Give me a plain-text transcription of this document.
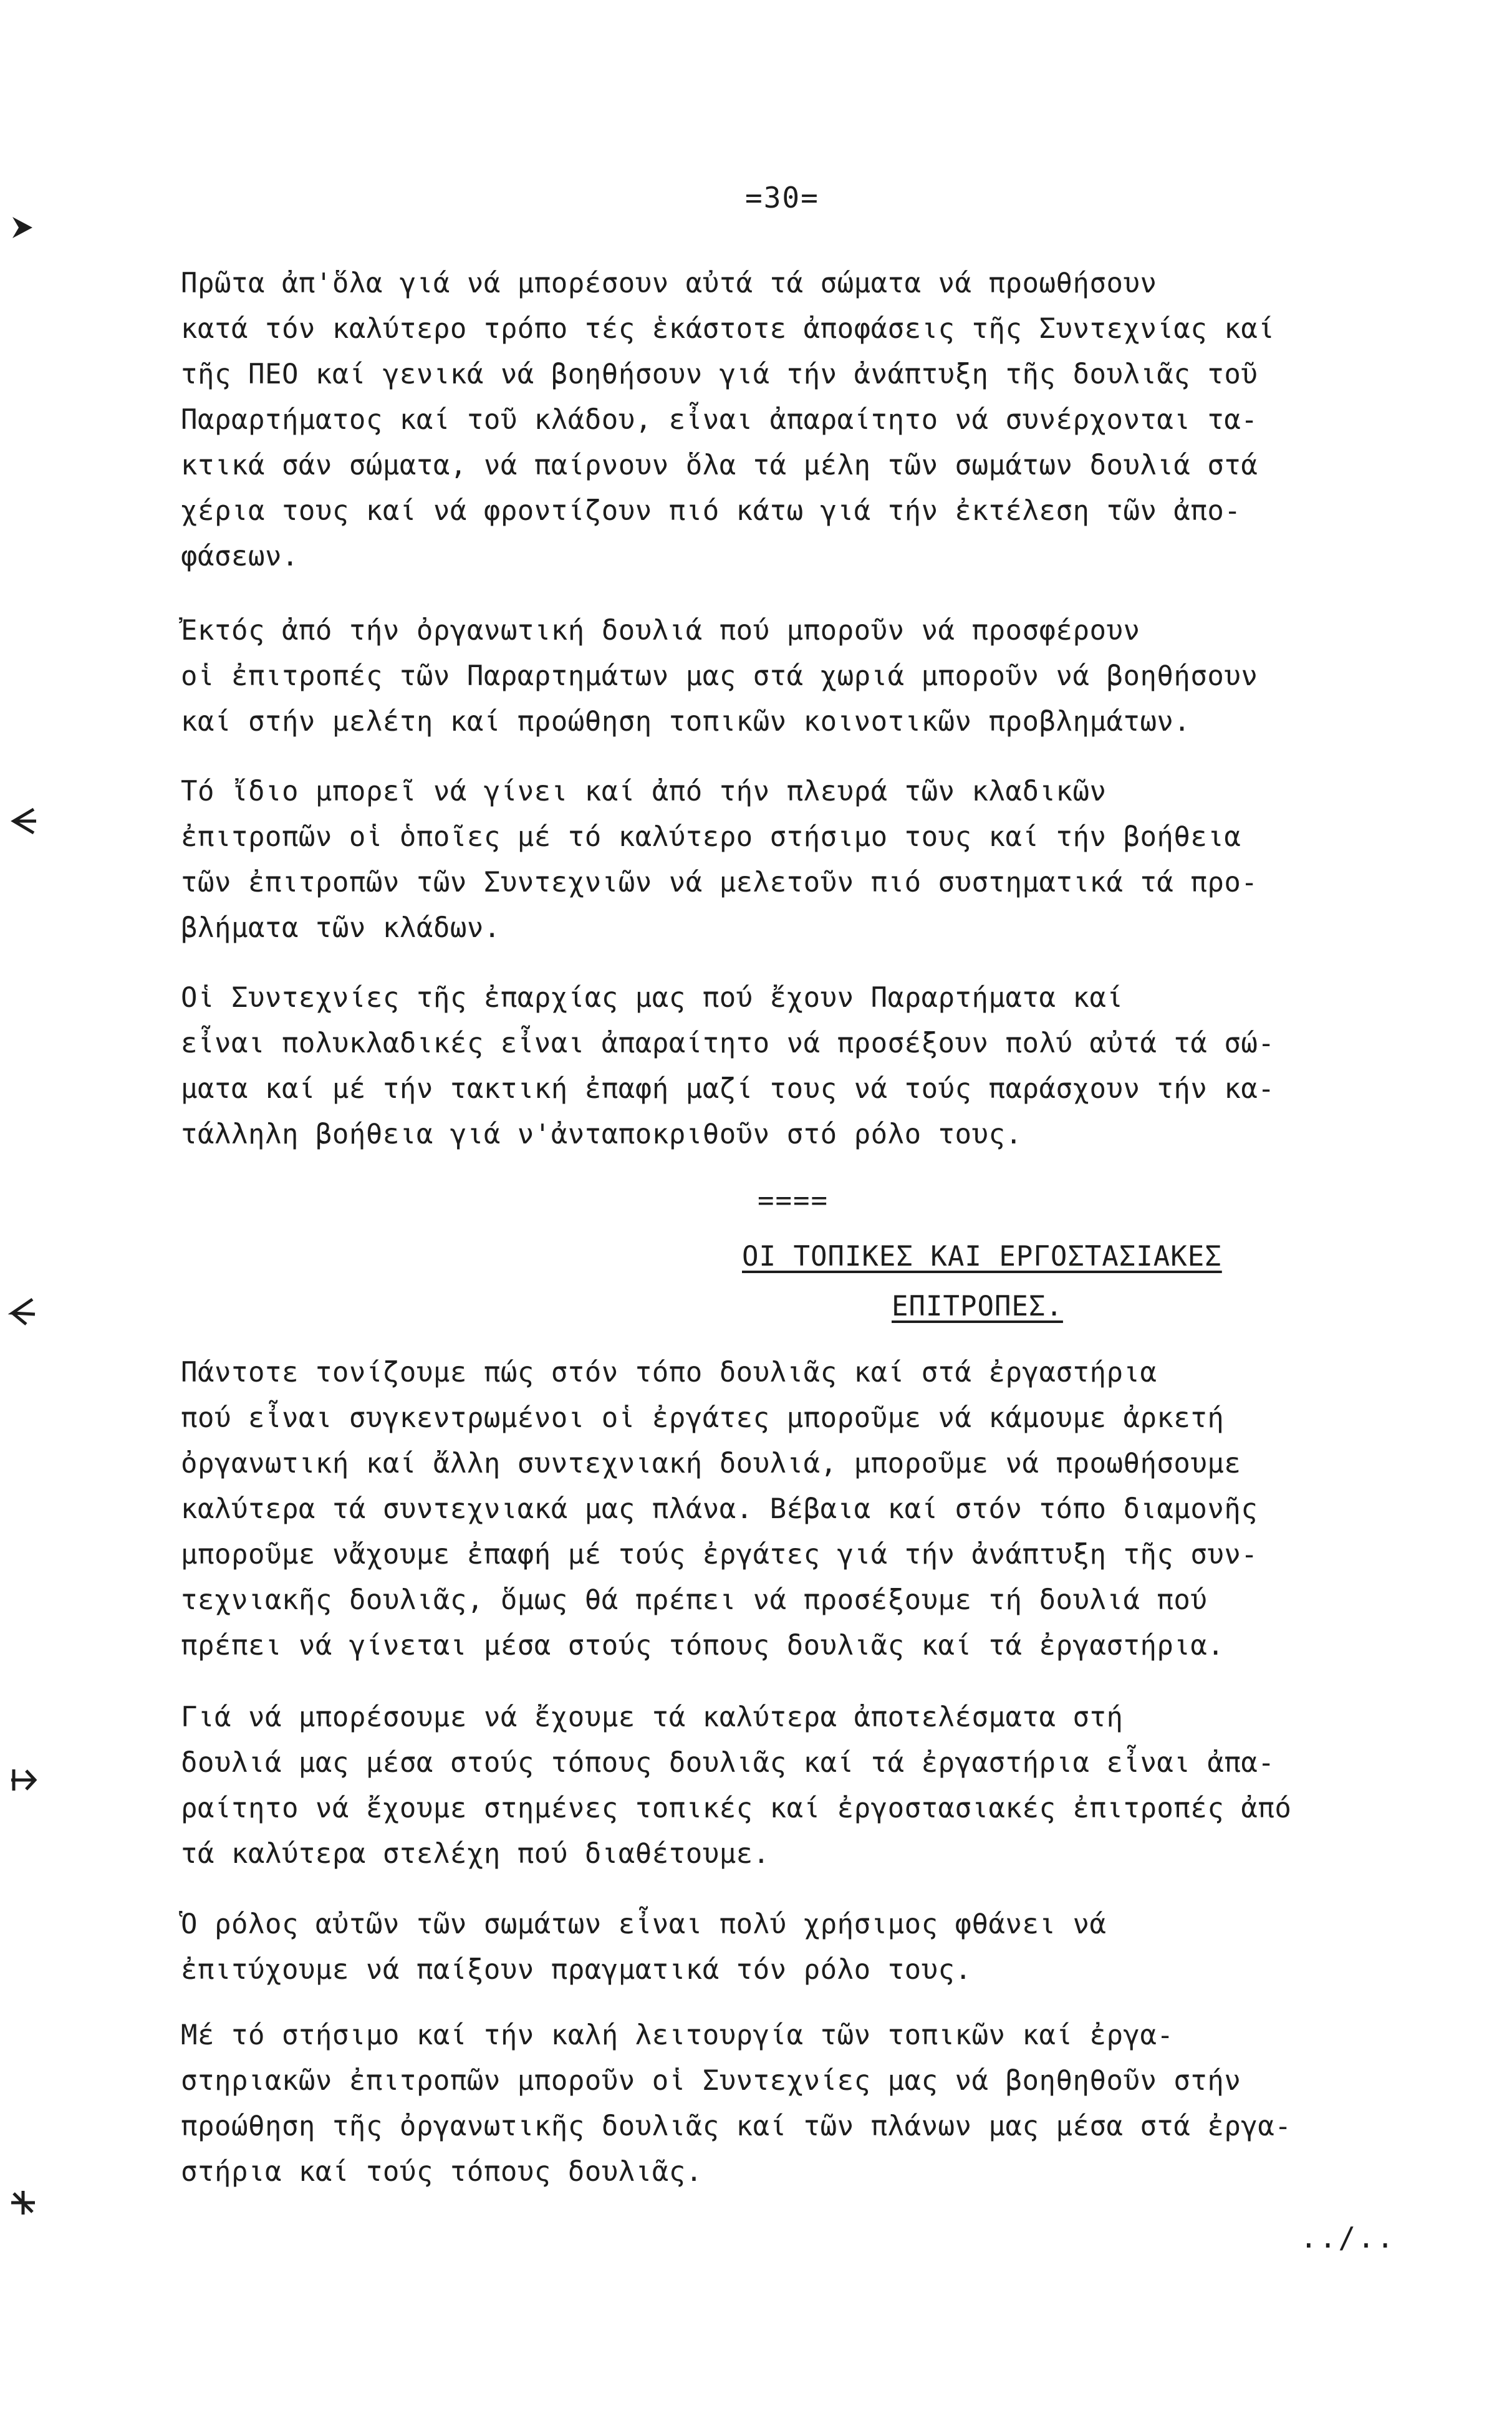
=30=
Πρῶτα ἀπ'ὅλα γιά νά μπορέσουν αὐτά τά σώματα νά προωθήσουν
κατά τόν καλύτερο τρόπο τές ἑκάστοτε ἀποφάσεις τῆς Συντεχνίας καί
τῆς ΠΕΟ καί γενικά νά βοηθήσουν γιά τήν ἀνάπτυξη τῆς δουλιᾶς τοῦ
Παραρτήματος καί τοῦ κλάδου, εἶναι ἀπαραίτητο νά συνέρχονται τα-
κτικά σάν σώματα, νά παίρνουν ὅλα τά μέλη τῶν σωμάτων δουλιά στά
χέρια τους καί νά φροντίζουν πιό κάτω γιά τήν ἐκτέλεση τῶν ἀπο-
φάσεων.
Ἐκτός ἀπό τήν ὀργανωτική δουλιά πού μποροῦν νά προσφέρουν
oἱ ἐπιτροπές τῶν Παραρτημάτων μας στά χωριά μποροῦν νά βοηθήσουν
καί στήν μελέτη καί προώθηση τοπικῶν κοινοτικῶν προβλημάτων.
Τό ἴδιο μπορεῖ νά γίνει καί ἀπό τήν πλευρά τῶν κλαδικῶν
ἐπιτροπῶν οἱ ὁποῖες μέ τό καλύτερο στήσιμο τους καί τήν βοήθεια
τῶν ἐπιτροπῶν τῶν Συντεχνιῶν νά μελετοῦν πιό συστηματικά τά προ-
βλήματα τῶν κλάδων.
Οἱ Συντεχνίες τῆς ἐπαρχίας μας πού ἔχουν Παραρτήματα καί
εἶναι πολυκλαδικές εἶναι ἀπαραίτητο νά προσέξουν πολύ αὐτά τά σώ-
ματα καί μέ τήν τακτική ἐπαφή μαζί τους νά τούς παράσχουν τήν κα-
τάλληλη βοήθεια γιά ν'ἀνταποκριθοῦν στό ρόλο τους.
====
ΟΙ ΤΟΠΙΚΕΣ ΚΑΙ ΕΡΓΟΣΤΑΣΙΑΚΕΣ
ΕΠΙΤΡΟΠΕΣ.
Πάντοτε τονίζουμε πώς στόν τόπο δουλιᾶς καί στά ἐργαστήρια
πού εἶναι συγκεντρωμένοι οἱ ἐργάτες μποροῦμε νά κάμουμε ἀρκετή
ὀργανωτική καί ἄλλη συντεχνιακή δουλιά, μποροῦμε νά προωθήσουμε
καλύτερα τά συντεχνιακά μας πλάνα. Βέβαια καί στόν τόπο διαμονῆς
μποροῦμε νἄχουμε ἐπαφή μέ τούς ἐργάτες γιά τήν ἀνάπτυξη τῆς συν-
τεχνιακῆς δουλιᾶς, ὅμως θά πρέπει νά προσέξουμε τή δουλιά πού
πρέπει νά γίνεται μέσα στούς τόπους δουλιᾶς καί τά ἐργαστήρια.
Γιά νά μπορέσουμε νά ἔχουμε τά καλύτερα ἀποτελέσματα στή
δουλιά μας μέσα στούς τόπους δουλιᾶς καί τά ἐργαστήρια εἶναι ἀπα-
ραίτητο νά ἔχουμε στημένες τοπικές καί ἐργοστασιακές ἐπιτροπές ἀπό
τά καλύτερα στελέχη πού διαθέτουμε.
Ὁ ρόλος αὐτῶν τῶν σωμάτων εἶναι πολύ χρήσιμος φθάνει νά
ἐπιτύχουμε νά παίξουν πραγματικά τόν ρόλο τους.
Μέ τό στήσιμο καί τήν καλή λειτουργία τῶν τοπικῶν καί ἐργα-
στηριακῶν ἐπιτροπῶν μποροῦν οἱ Συντεχνίες μας νά βοηθηθοῦν στήν
προώθηση τῆς ὀργανωτικῆς δουλιᾶς καί τῶν πλάνων μας μέσα στά ἐργα-
στήρια καί τούς τόπους δουλιᾶς.
../..
